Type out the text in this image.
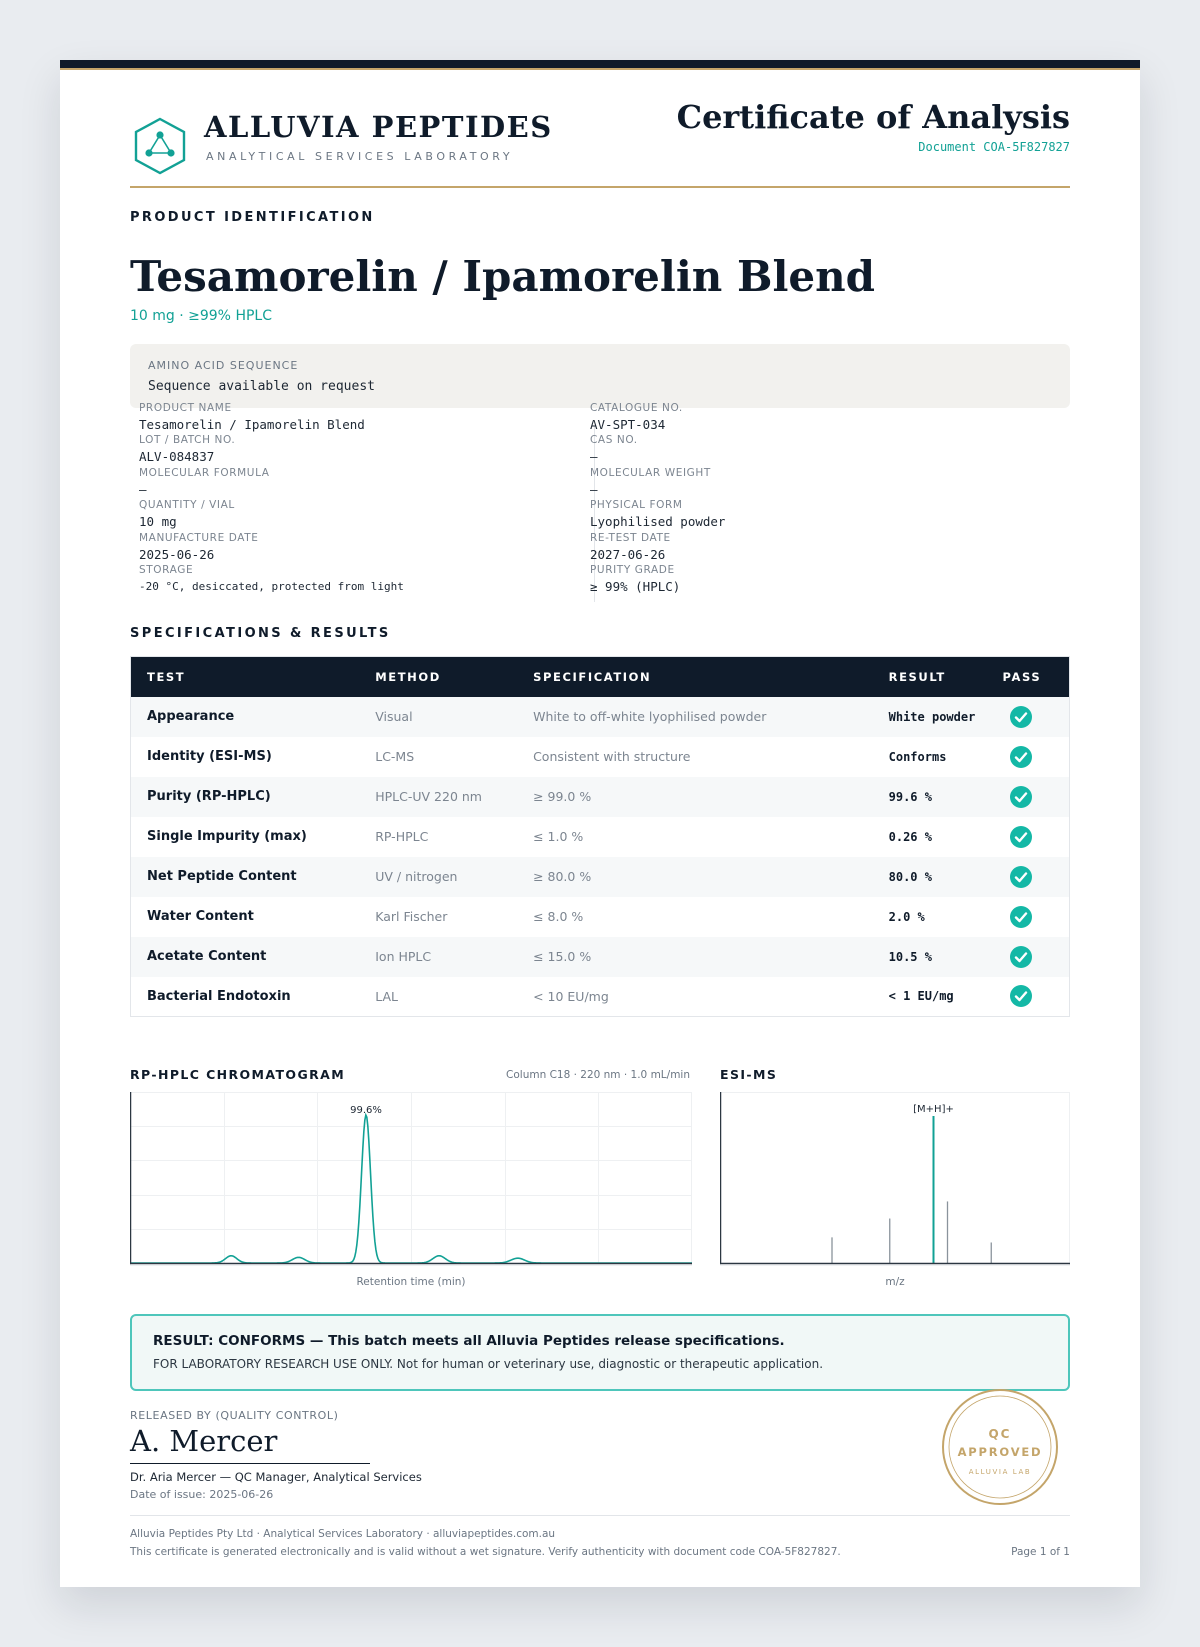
ALLUVIA PEPTIDES
ANALYTICAL SERVICES LABORATORY
Certificate of Analysis
Document COA-5F827827
PRODUCT IDENTIFICATION
Tesamorelin / Ipamorelin Blend
10 mg · ≥99% HPLC
AMINO ACID SEQUENCE
Sequence available on request
PRODUCT NAME
Tesamorelin / Ipamorelin Blend
LOT / BATCH NO.
ALV-084837
MOLECULAR FORMULA
—
QUANTITY / VIAL
10 mg
MANUFACTURE DATE
2025-06-26
STORAGE
-20 °C, desiccated, protected from light
CATALOGUE NO.
AV-SPT-034
CAS NO.
—
MOLECULAR WEIGHT
—
PHYSICAL FORM
Lyophilised powder
RE-TEST DATE
2027-06-26
PURITY GRADE
≥ 99% (HPLC)
SPECIFICATIONS & RESULTS
TEST	METHOD	SPECIFICATION	RESULT	PASS
Appearance	Visual	White to off-white lyophilised powder	White powder	

Identity (ESI-MS)	LC-MS	Consistent with structure	Conforms	

Purity (RP-HPLC)	HPLC-UV 220 nm	≥ 99.0 %	99.6 %	

Single Impurity (max)	RP-HPLC	≤ 1.0 %	0.26 %	

Net Peptide Content	UV / nitrogen	≥ 80.0 %	80.0 %	

Water Content	Karl Fischer	≤ 8.0 %	2.0 %	

Acetate Content	Ion HPLC	≤ 15.0 %	10.5 %	

Bacterial Endotoxin	LAL	< 10 EU/mg	< 1 EU/mg	
RP-HPLC CHROMATOGRAM	Column C18 · 220 nm · 1.0 mL/min
99.6%
Retention time (min)
ESI-MS
[M+H]+
m/z
RESULT: CONFORMS — This batch meets all Alluvia Peptides release specifications.
FOR LABORATORY RESEARCH USE ONLY. Not for human or veterinary use, diagnostic or therapeutic application.
RELEASED BY (QUALITY CONTROL)
A. Mercer
Dr. Aria Mercer — QC Manager, Analytical Services
Date of issue: 2025-06-26
QC
APPROVED
ALLUVIA LAB
Alluvia Peptides Pty Ltd · Analytical Services Laboratory · alluviapeptides.com.au
This certificate is generated electronically and is valid without a wet signature. Verify authenticity with document code COA-5F827827.	Page 1 of 1
